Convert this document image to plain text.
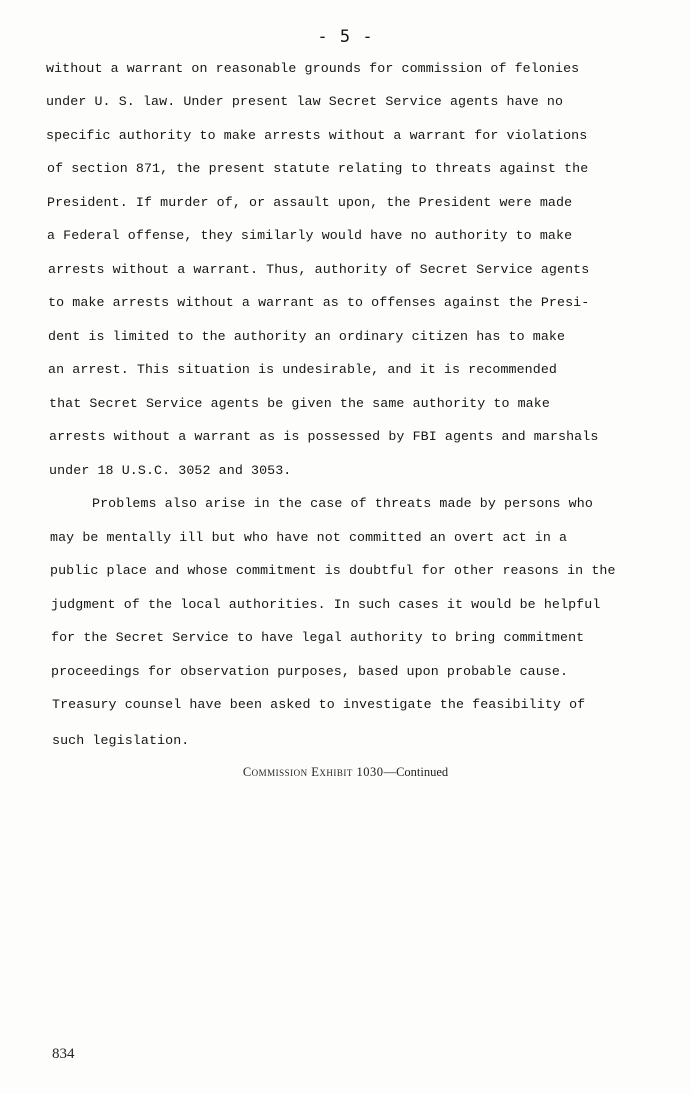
- 5 -
without a warrant on reasonable grounds for commission of felonies
under U. S. law. Under present law Secret Service agents have no
specific authority to make arrests without a warrant for violations
of section 871, the present statute relating to threats against the
President. If murder of, or assault upon, the President were made
a Federal offense, they similarly would have no authority to make
arrests without a warrant. Thus, authority of Secret Service agents
to make arrests without a warrant as to offenses against the Presi-
dent is limited to the authority an ordinary citizen has to make
an arrest. This situation is undesirable, and it is recommended
that Secret Service agents be given the same authority to make
arrests without a warrant as is possessed by FBI agents and marshals
under 18 U.S.C. 3052 and 3053.
Problems also arise in the case of threats made by persons who
may be mentally ill but who have not committed an overt act in a
public place and whose commitment is doubtful for other reasons in the
judgment of the local authorities. In such cases it would be helpful
for the Secret Service to have legal authority to bring commitment
proceedings for observation purposes, based upon probable cause.
Treasury counsel have been asked to investigate the feasibility of
such legislation.
Commission Exhibit 1030—Continued
834
